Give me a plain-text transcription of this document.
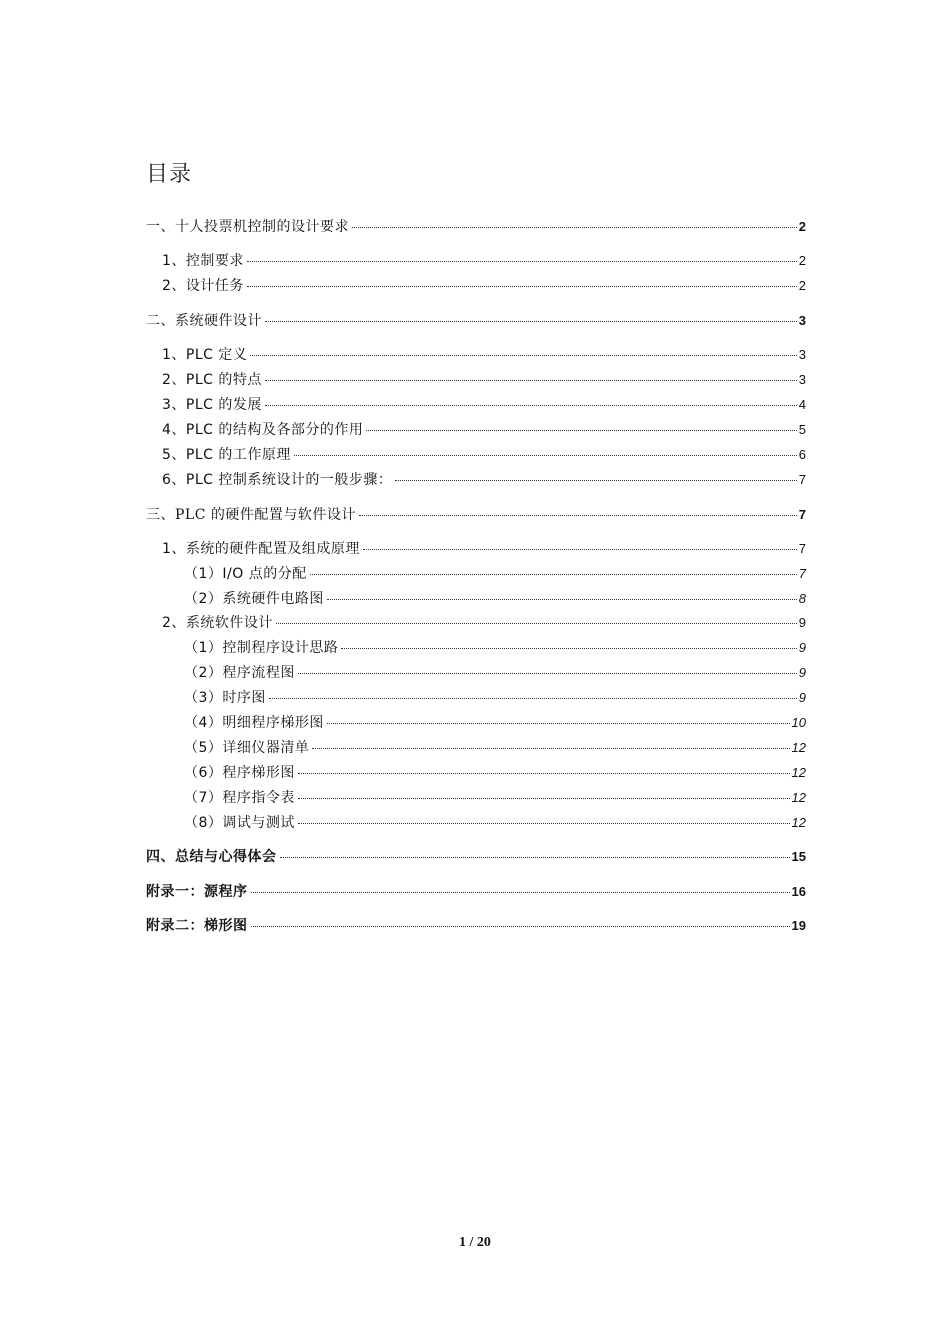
目录
一、十人投票机控制的设计要求	2
1、控制要求	2
2、设计任务	2
二、系统硬件设计	3
1、PLC 定义	3
2、PLC 的特点	3
3、PLC 的发展	4
4、PLC 的结构及各部分的作用	5
5、PLC 的工作原理	6
6、PLC 控制系统设计的一般步骤：	7
三、PLC 的硬件配置与软件设计	7
1、系统的硬件配置及组成原理	7
（1）I/O 点的分配	7
（2）系统硬件电路图	8
2、系统软件设计	9
（1）控制程序设计思路	9
（2）程序流程图	9
（3）时序图	9
（4）明细程序梯形图	10
（5）详细仪器清单	12
（6）程序梯形图	12
（7）程序指令表	12
（8）调试与测试	12
四、总结与心得体会	15
附录一：源程序	16
附录二：梯形图	19
1 / 20
